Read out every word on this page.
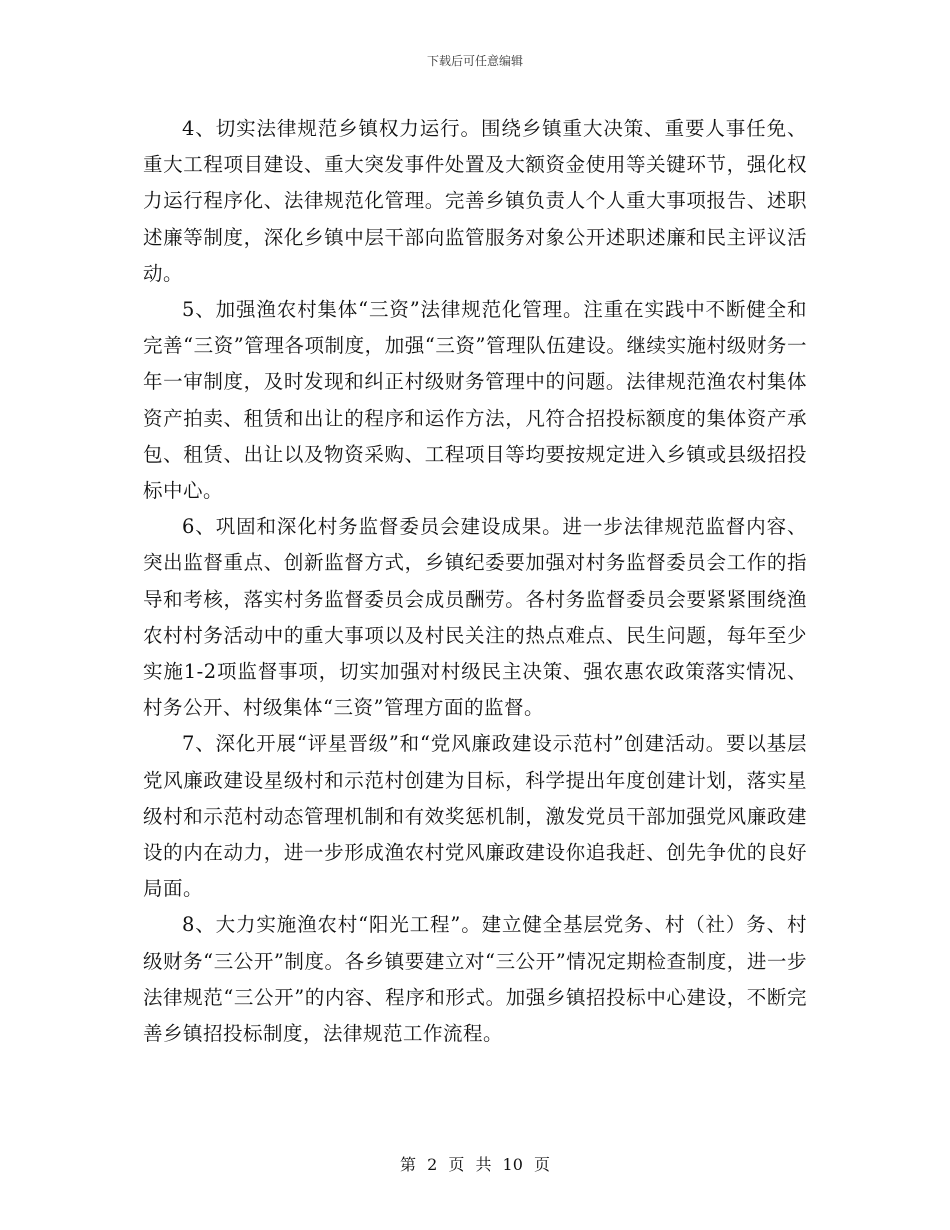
下载后可任意编辑

4、切实法律规范乡镇权力运行。围绕乡镇重大决策、重要人事任免、重大工程项目建设、重大突发事件处置及大额资金使用等关键环节，强化权力运行程序化、法律规范化管理。完善乡镇负责人个人重大事项报告、述职述廉等制度，深化乡镇中层干部向监管服务对象公开述职述廉和民主评议活动。

5、加强渔农村集体“三资”法律规范化管理。注重在实践中不断健全和完善“三资”管理各项制度，加强“三资”管理队伍建设。继续实施村级财务一年一审制度，及时发现和纠正村级财务管理中的问题。法律规范渔农村集体资产拍卖、租赁和出让的程序和运作方法，凡符合招投标额度的集体资产承包、租赁、出让以及物资采购、工程项目等均要按规定进入乡镇或县级招投标中心。

6、巩固和深化村务监督委员会建设成果。进一步法律规范监督内容、突出监督重点、创新监督方式，乡镇纪委要加强对村务监督委员会工作的指导和考核，落实村务监督委员会成员酬劳。各村务监督委员会要紧紧围绕渔农村村务活动中的重大事项以及村民关注的热点难点、民生问题，每年至少实施1-2项监督事项，切实加强对村级民主决策、强农惠农政策落实情况、村务公开、村级集体“三资”管理方面的监督。

7、深化开展“评星晋级”和“党风廉政建设示范村”创建活动。要以基层党风廉政建设星级村和示范村创建为目标，科学提出年度创建计划，落实星级村和示范村动态管理机制和有效奖惩机制，激发党员干部加强党风廉政建设的内在动力，进一步形成渔农村党风廉政建设你追我赶、创先争优的良好局面。

8、大力实施渔农村“阳光工程”。建立健全基层党务、村（社）务、村级财务“三公开”制度。各乡镇要建立对“三公开”情况定期检查制度，进一步法律规范“三公开”的内容、程序和形式。加强乡镇招投标中心建设，不断完善乡镇招投标制度，法律规范工作流程。

第 2 页 共 10 页
